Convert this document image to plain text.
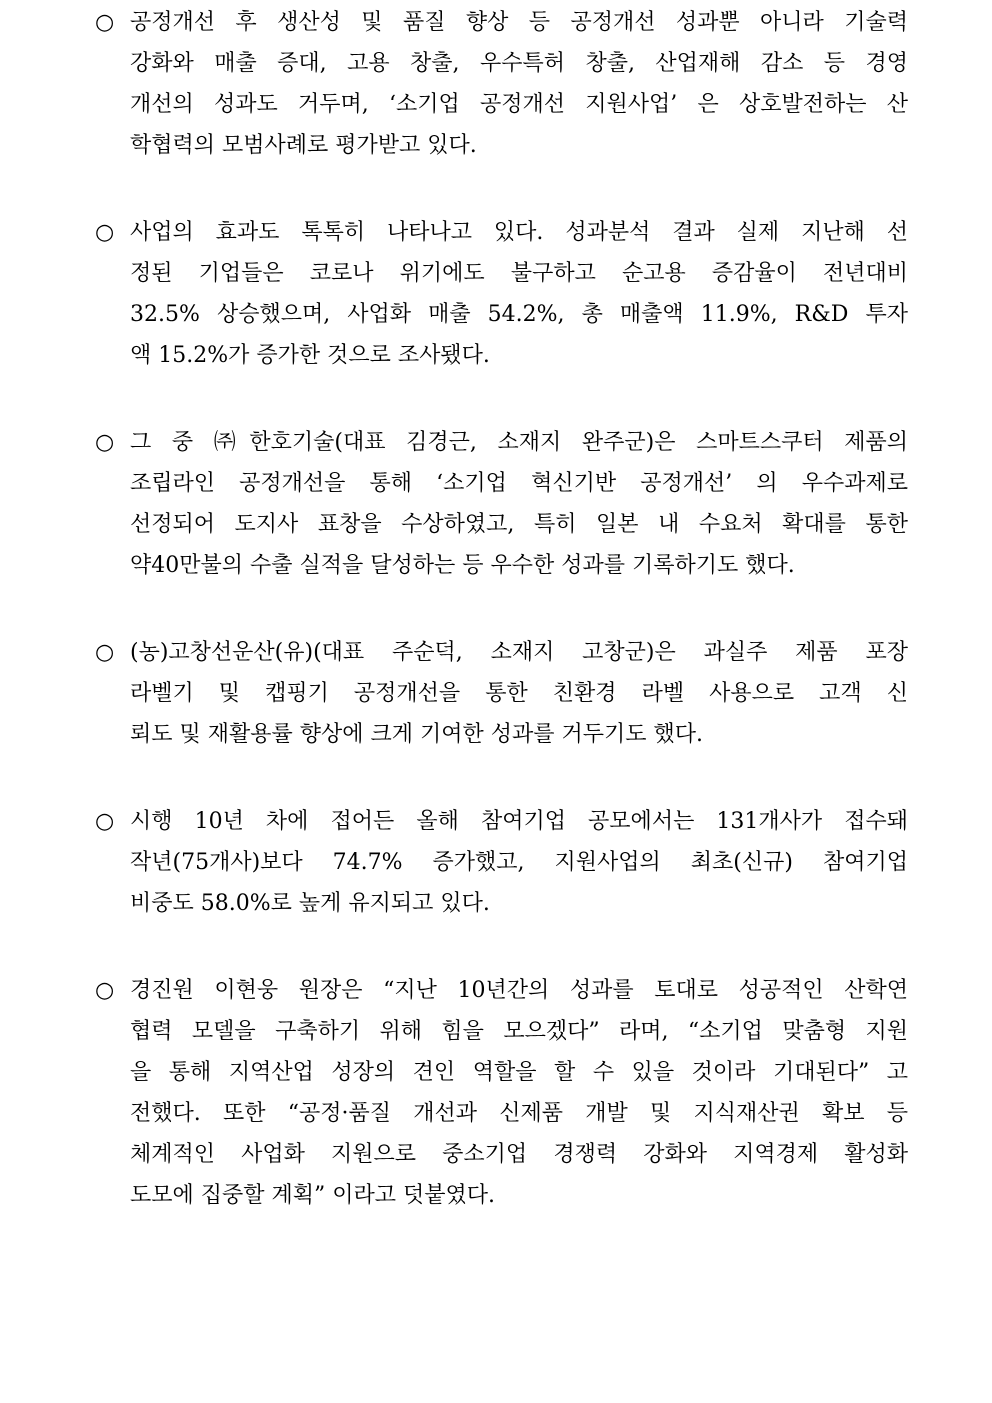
○ 공정개선 후 생산성 및 품질 향상 등 공정개선 성과뿐 아니라 기술력
강화와 매출 증대, 고용 창출, 우수특허 창출, 산업재해 감소 등 경영
개선의 성과도 거두며, ‘소기업 공정개선 지원사업’ 은 상호발전하는 산
학협력의 모범사례로 평가받고 있다.
○ 사업의 효과도 톡톡히 나타나고 있다. 성과분석 결과 실제 지난해 선
정된 기업들은 코로나 위기에도 불구하고 순고용 증감율이 전년대비
32.5% 상승했으며, 사업화 매출 54.2%, 총 매출액 11.9%, R&D 투자
액 15.2%가 증가한 것으로 조사됐다.
○ 그 중 ㈜한호기술(대표 김경근, 소재지 완주군)은 스마트스쿠터 제품의
조립라인 공정개선을 통해 ‘소기업 혁신기반 공정개선’ 의 우수과제로
선정되어 도지사 표창을 수상하였고, 특히 일본 내 수요처 확대를 통한
약40만불의 수출 실적을 달성하는 등 우수한 성과를 기록하기도 했다.
○ (농)고창선운산(유)(대표 주순덕, 소재지 고창군)은 과실주 제품 포장
라벨기 및 캡핑기 공정개선을 통한 친환경 라벨 사용으로 고객 신
뢰도 및 재활용률 향상에 크게 기여한 성과를 거두기도 했다.
○ 시행 10년 차에 접어든 올해 참여기업 공모에서는 131개사가 접수돼
작년(75개사)보다 74.7% 증가했고, 지원사업의 최초(신규) 참여기업
비중도 58.0%로 높게 유지되고 있다.
○ 경진원 이현웅 원장은 “지난 10년간의 성과를 토대로 성공적인 산학연
협력 모델을 구축하기 위해 힘을 모으겠다” 라며, “소기업 맞춤형 지원
을 통해 지역산업 성장의 견인 역할을 할 수 있을 것이라 기대된다” 고
전했다. 또한 “공정·품질 개선과 신제품 개발 및 지식재산권 확보 등
체계적인 사업화 지원으로 중소기업 경쟁력 강화와 지역경제 활성화
도모에 집중할 계획” 이라고 덧붙였다.
